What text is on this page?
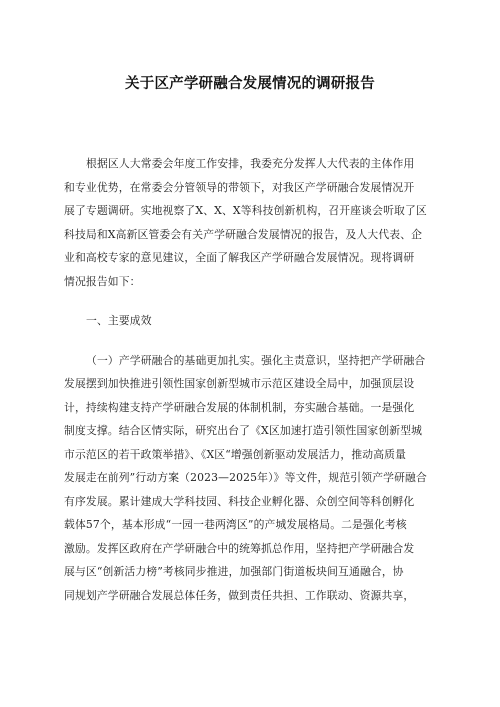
关于区产学研融合发展情况的调研报告
根据区人大常委会年度工作安排，我委充分发挥人大代表的主体作用
和专业优势，在常委会分管领导的带领下，对我区产学研融合发展情况开
展了专题调研。实地视察了X、X、X等科技创新机构，召开座谈会听取了区
科技局和X高新区管委会有关产学研融合发展情况的报告，及人大代表、企
业和高校专家的意见建议，全面了解我区产学研融合发展情况。现将调研
情况报告如下：
一、主要成效
（一）产学研融合的基础更加扎实。强化主责意识，坚持把产学研融合
发展摆到加快推进引领性国家创新型城市示范区建设全局中，加强顶层设
计，持续构建支持产学研融合发展的体制机制，夯实融合基础。一是强化
制度支撑。结合区情实际，研究出台了《X区加速打造引领性国家创新型城
市示范区的若干政策举措》、《X区“增强创新驱动发展活力，推动高质量
发展走在前列”行动方案（2023—2025年）》等文件，规范引领产学研融合
有序发展。累计建成大学科技园、科技企业孵化器、众创空间等科创孵化
载体57个，基本形成“一园一巷两湾区”的产城发展格局。二是强化考核
激励。发挥区政府在产学研融合中的统筹抓总作用，坚持把产学研融合发
展与区“创新活力榜”考核同步推进，加强部门街道板块间互通融合，协
同规划产学研融合发展总体任务，做到责任共担、工作联动、资源共享，
